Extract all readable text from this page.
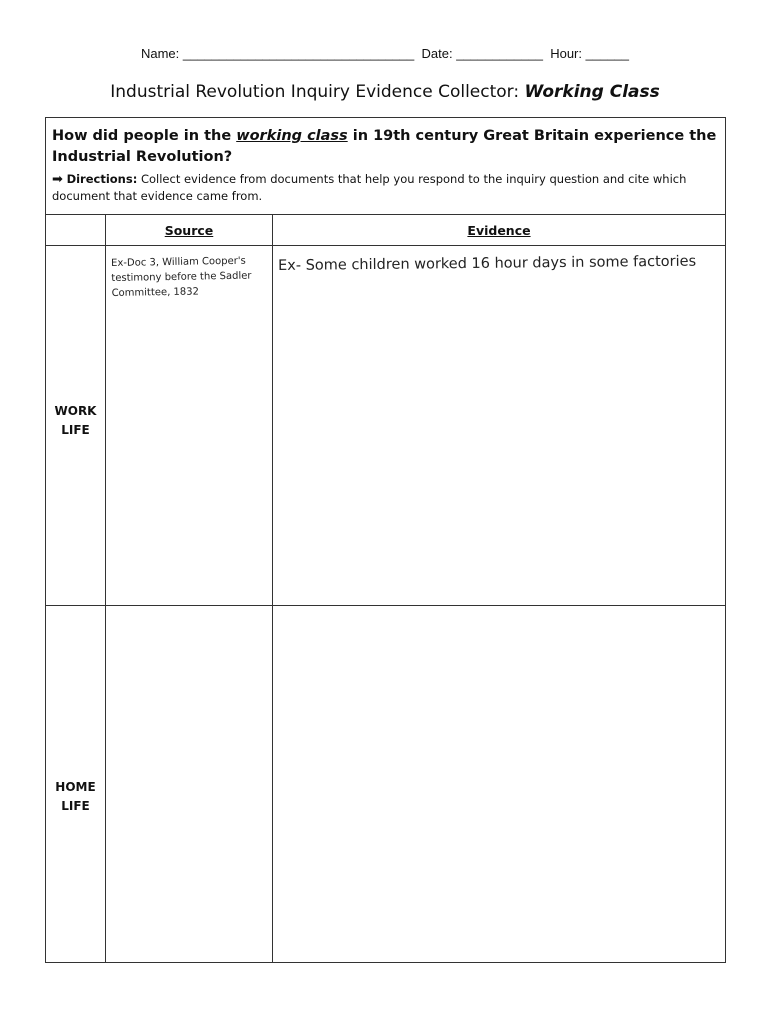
Name: ________________________________ Date: ____________ Hour: ______
Industrial Revolution Inquiry Evidence Collector: Working Class
How did people in the working class in 19th century Great Britain experience the Industrial Revolution?
➡ Directions: Collect evidence from documents that help you respond to the inquiry question and cite which document that evidence came from.
Source	Evidence
WORK
LIFE
Ex-Doc 3, William Cooper's testimony before the Sadler Committee, 1832
Ex- Some children worked 16 hour days in some factories
HOME
LIFE
